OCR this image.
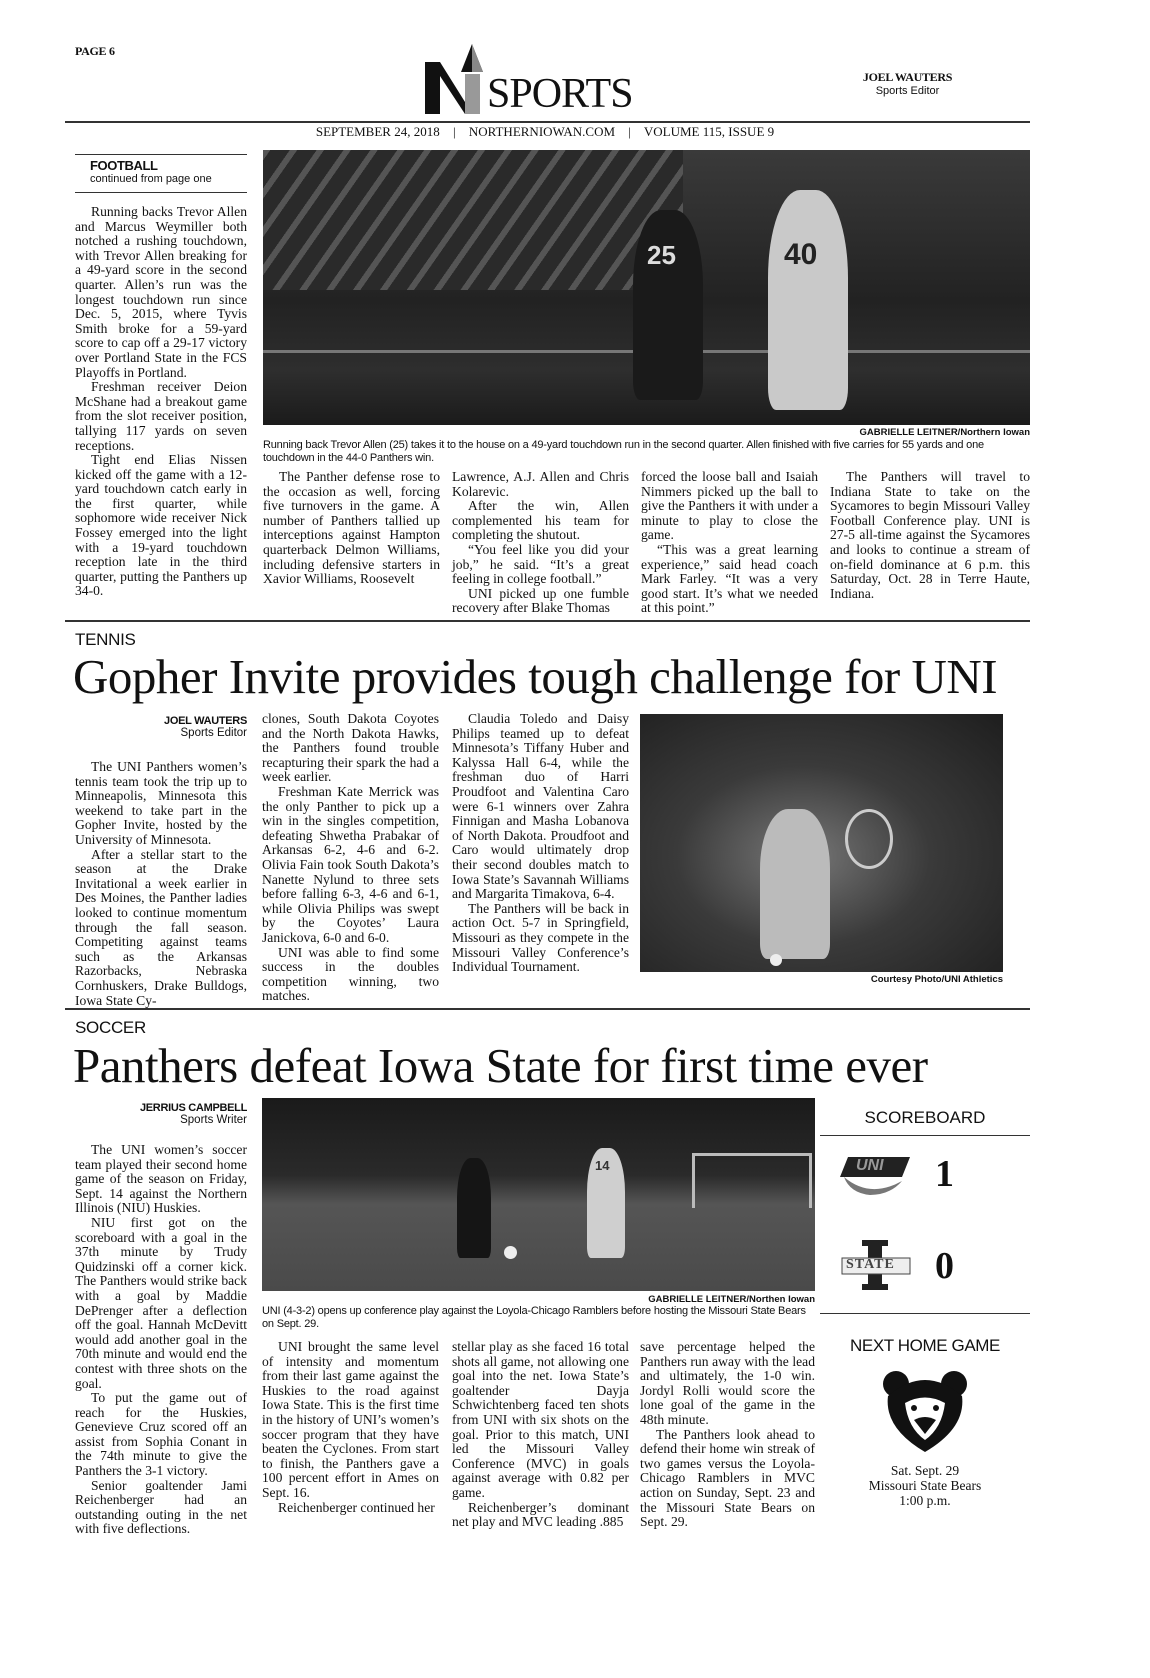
PAGE 6
SPORTS	JOEL WAUTERS
Sports Editor
SEPTEMBER 24, 2018 | NORTHERNIOWAN.COM | VOLUME 115, ISSUE 9
FOOTBALL
continued from page one
25	40
GABRIELLE LEITNER/Northern Iowan
Running back Trevor Allen (25) takes it to the house on a 49-yard touchdown run in the second quarter. Allen finished with five carries for 55 yards and one touchdown in the 44-0 Panthers win.

Running backs Trevor Allen and Marcus Weymiller both notched a rushing touchdown, with Trevor Allen breaking for a 49-yard score in the second quarter. Allen’s run was the longest touchdown run since Dec. 5, 2015, where Tyvis Smith broke for a 59-yard score to cap off a 29-17 victory over Portland State in the FCS Playoffs in Portland.

Freshman receiver Deion McShane had a breakout game from the slot receiver position, tallying 117 yards on seven receptions.

Tight end Elias Nissen kicked off the game with a 12-yard touchdown catch early in the first quarter, while sophomore wide receiver Nick Fossey emerged into the light with a 19-yard touchdown reception late in the third quarter, putting the Panthers up 34-0.

The Panther defense rose to the occasion as well, forcing five turnovers in the game. A number of Panthers tallied up interceptions against Hampton quarterback Delmon Williams, including defensive starters in Xavior Williams, Roosevelt

Lawrence, A.J. Allen and Chris Kolarevic.

After the win, Allen complemented his team for completing the shutout.

“You feel like you did your job,” he said. “It’s a great feeling in college football.”

UNI picked up one fumble recovery after Blake Thomas

forced the loose ball and Isaiah Nimmers picked up the ball to give the Panthers it with under a minute to play to close the game.

“This was a great learning experience,” said head coach Mark Farley. “It was a very good start. It’s what we needed at this point.”

The Panthers will travel to Indiana State to take on the Sycamores to begin Missouri Valley Football Conference play. UNI is 27-5 all-time against the Sycamores and looks to continue a stream of on-field dominance at 6 p.m. this Saturday, Oct. 28 in Terre Haute, Indiana.

TENNIS
Gopher Invite provides tough challenge for UNI
JOEL WAUTERS
Sports Editor

The UNI Panthers women’s tennis team took the trip up to Minneapolis, Minnesota this weekend to take part in the Gopher Invite, hosted by the University of Minnesota.

After a stellar start to the season at the Drake Invitational a week earlier in Des Moines, the Panther ladies looked to continue momentum through the fall season. Competiting against teams such as the Arkansas Razorbacks, Nebraska Cornhuskers, Drake Bulldogs, Iowa State Cy-

clones, South Dakota Coyotes and the North Dakota Hawks, the Panthers found trouble recapturing their spark the had a week earlier.

Freshman Kate Merrick was the only Panther to pick up a win in the singles competition, defeating Shwetha Prabakar of Arkansas 6-2, 4-6 and 6-2. Olivia Fain took South Dakota’s Nanette Nylund to three sets before falling 6-3, 4-6 and 6-1, while Olivia Philips was swept by the Coyotes’ Laura Janickova, 6-0 and 6-0.

UNI was able to find some success in the doubles competition winning, two matches.

Claudia Toledo and Daisy Philips teamed up to defeat Minnesota’s Tiffany Huber and Kalyssa Hall 6-4, while the freshman duo of Harri Proudfoot and Valentina Caro were 6-1 winners over Zahra Finnigan and Masha Lobanova of North Dakota. Proudfoot and Caro would ultimately drop their second doubles match to Iowa State’s Savannah Williams and Margarita Timakova, 6-4.

The Panthers will be back in action Oct. 5-7 in Springfield, Missouri as they compete in the Missouri Valley Conference’s Individual Tournament.

Courtesy Photo/UNI Athletics
SOCCER
Panthers defeat Iowa State for first time ever
JERRIUS CAMPBELL
Sports Writer

The UNI women’s soccer team played their second home game of the season on Friday, Sept. 14 against the Northern Illinois (NIU) Huskies.

NIU first got on the scoreboard with a goal in the 37th minute by Trudy Quidzinski off a corner kick. The Panthers would strike back with a goal by Maddie DePrenger after a deflection off the goal. Hannah McDevitt would add another goal in the 70th minute and would end the contest with three shots on the goal.

To put the game out of reach for the Huskies, Genevieve Cruz scored off an assist from Sophia Conant in the 74th minute to give the Panthers the 3-1 victory.

Senior goaltender Jami Reichenberger had an outstanding outing in the net with five deflections.

14
GABRIELLE LEITNER/Northen Iowan
UNI (4-3-2) opens up conference play against the Loyola-Chicago Ramblers before hosting the Missouri State Bears on Sept. 29.

UNI brought the same level of intensity and momentum from their last game against the Huskies to the road against Iowa State. This is the first time in the history of UNI’s women’s soccer program that they have beaten the Cyclones. From start to finish, the Panthers gave a 100 percent effort in Ames on Sept. 16.

Reichenberger continued her

stellar play as she faced 16 total shots all game, not allowing one goal into the net. Iowa State’s goaltender Dayja Schwichtenberg faced ten shots from UNI with six shots on the goal. Prior to this match, UNI led the Missouri Valley Conference (MVC) in goals against average with 0.82 per game.

Reichenberger’s dominant net play and MVC leading .885

save percentage helped the Panthers run away with the lead and ultimately, the 1-0 win. Jordyl Rolli would score the lone goal of the game in the 48th minute.

The Panthers look ahead to defend their home win streak of two games versus the Loyola-Chicago Ramblers in MVC action on Sunday, Sept. 23 and the Missouri State Bears on Sept. 29.

SCOREBOARD
UNI 1
STATE 0
NEXT HOME GAME
Sat. Sept. 29
Missouri State Bears
1:00 p.m.
